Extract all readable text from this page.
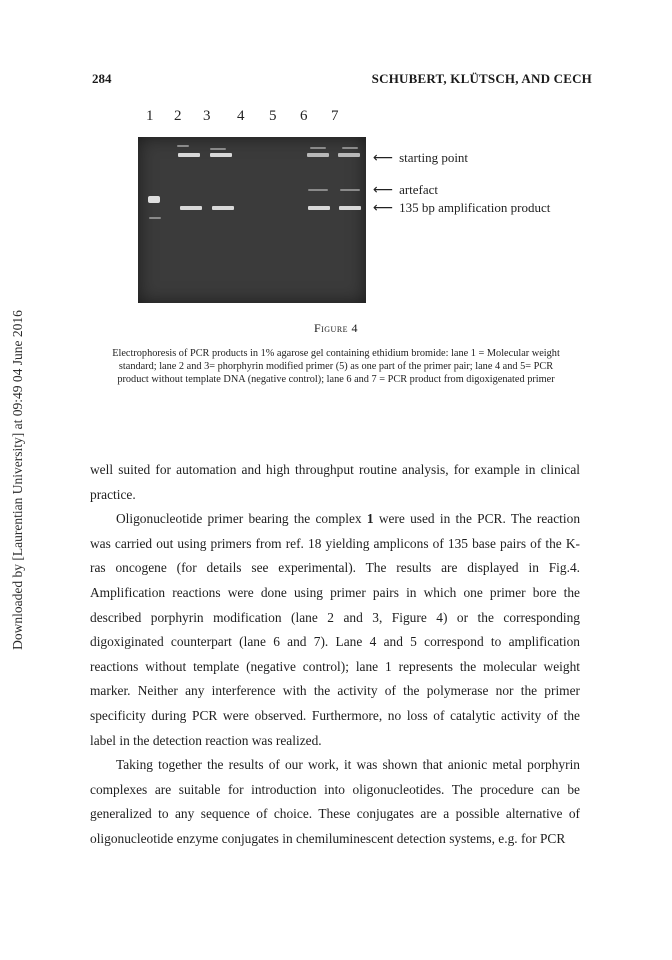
Downloaded by [Laurentian University] at 09:49 04 June 2016
284	SCHUBERT, KLÜTSCH, AND CECH
1 2 3 4 5 6 7
⟵ starting point
⟵ artefact
⟵ 135 bp amplification product
Figure 4
Electrophoresis of PCR products in 1% agarose gel containing ethidium bromide: lane 1 = Molecular weight standard; lane 2 and 3= phorphyrin modified primer (5) as one part of the primer pair; lane 4 and 5= PCR product without template DNA (negative control); lane 6 and 7 = PCR product from digoxigenated primer

well suited for automation and high throughput routine analysis, for example in clinical practice.

Oligonucleotide primer bearing the complex 1 were used in the PCR. The reaction was carried out using primers from ref. 18 yielding amplicons of 135 base pairs of the K-ras oncogene (for details see experimental). The results are displayed in Fig.4. Amplification reactions were done using primer pairs in which one primer bore the described porphyrin modification (lane 2 and 3, Figure 4) or the corresponding digoxiginated counterpart (lane 6 and 7). Lane 4 and 5 correspond to amplification reactions without template (negative control); lane 1 represents the molecular weight marker. Neither any interference with the activity of the polymerase nor the primer specificity during PCR were observed. Furthermore, no loss of catalytic activity of the label in the detection reaction was realized.

Taking together the results of our work, it was shown that anionic metal porphyrin complexes are suitable for introduction into oligonucleotides. The procedure can be generalized to any sequence of choice. These conjugates are a possible alternative of oligonucleotide enzyme conjugates in chemiluminescent detection systems, e.g. for PCR
